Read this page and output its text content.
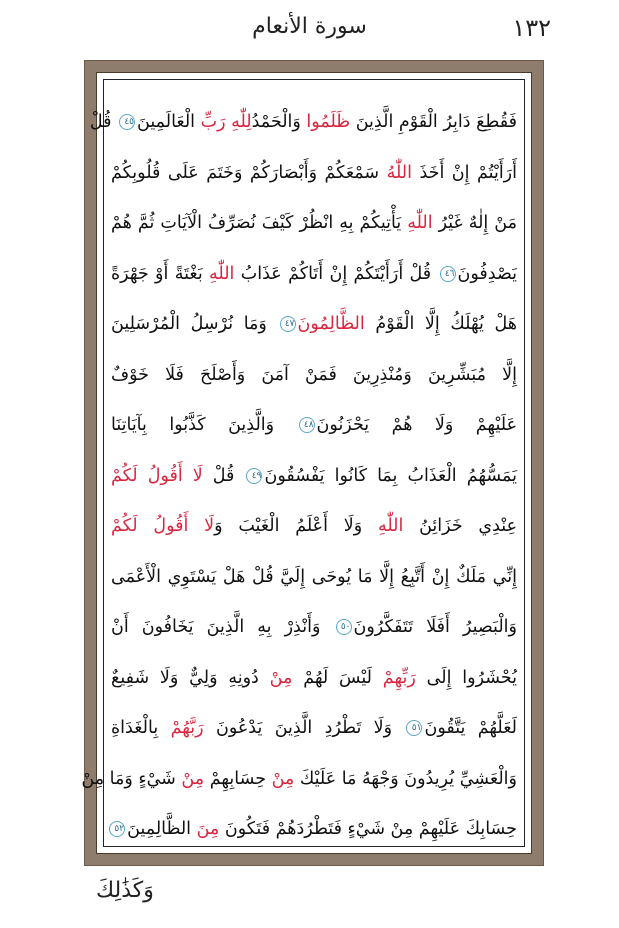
١٣٢
سورة الأنعام
فَقُطِعَ دَابِرُ الْقَوْمِ الَّذِينَ ظَلَمُوا وَالْحَمْدُلِلّٰهِ رَبِّ الْعَالَمِينَ٤٥ قُلْ
أَرَأَيْتُمْ إِنْ أَخَذَ اللّٰهُ سَمْعَكُمْ وَأَبْصَارَكُمْ وَخَتَمَ عَلَى قُلُوبِكُمْ
مَنْ إِلٰهٌ غَيْرُ اللّٰهِ يَأْتِيكُمْ بِهِ انْظُرْ كَيْفَ نُصَرِّفُ الْآيَاتِ ثُمَّ هُمْ
يَصْدِفُونَ٤٦ قُلْ أَرَأَيْتَكُمْ إِنْ أَتَاكُمْ عَذَابُ اللّٰهِ بَغْتَةً أَوْ جَهْرَةً
هَلْ يُهْلَكُ إِلَّا الْقَوْمُ الظَّالِمُونَ٤٧ وَمَا نُرْسِلُ الْمُرْسَلِينَ
إِلَّا مُبَشِّرِينَ وَمُنْذِرِينَ فَمَنْ آمَنَ وَأَصْلَحَ فَلَا خَوْفٌ
عَلَيْهِمْ وَلَا هُمْ يَحْزَنُونَ٤٨ وَالَّذِينَ كَذَّبُوا بِآيَاتِنَا
يَمَسُّهُمُ الْعَذَابُ بِمَا كَانُوا يَفْسُقُونَ٤٩ قُلْ لَا أَقُولُ لَكُمْ
عِنْدِي خَزَائِنُ اللّٰهِ وَلَا أَعْلَمُ الْغَيْبَ وَلَا أَقُولُ لَكُمْ
إِنِّي مَلَكٌ إِنْ أَتَّبِعُ إِلَّا مَا يُوحَى إِلَيَّ قُلْ هَلْ يَسْتَوِي الْأَعْمَى
وَالْبَصِيرُ أَفَلَا تَتَفَكَّرُونَ٥٠ وَأَنْذِرْ بِهِ الَّذِينَ يَخَافُونَ أَنْ
يُحْشَرُوا إِلَى رَبِّهِمْ لَيْسَ لَهُمْ مِنْ دُونِهِ وَلِيٌّ وَلَا شَفِيعٌ
لَعَلَّهُمْ يَتَّقُونَ٥١ وَلَا تَطْرُدِ الَّذِينَ يَدْعُونَ رَبَّهُمْ بِالْغَدَاةِ
وَالْعَشِيِّ يُرِيدُونَ وَجْهَهُ مَا عَلَيْكَ مِنْ حِسَابِهِمْ مِنْ شَيْءٍ وَمَا مِنْ
حِسَابِكَ عَلَيْهِمْ مِنْ شَيْءٍ فَتَطْرُدَهُمْ فَتَكُونَ مِنَ الظَّالِمِينَ٥٢
وَكَذَٰلِكَ
